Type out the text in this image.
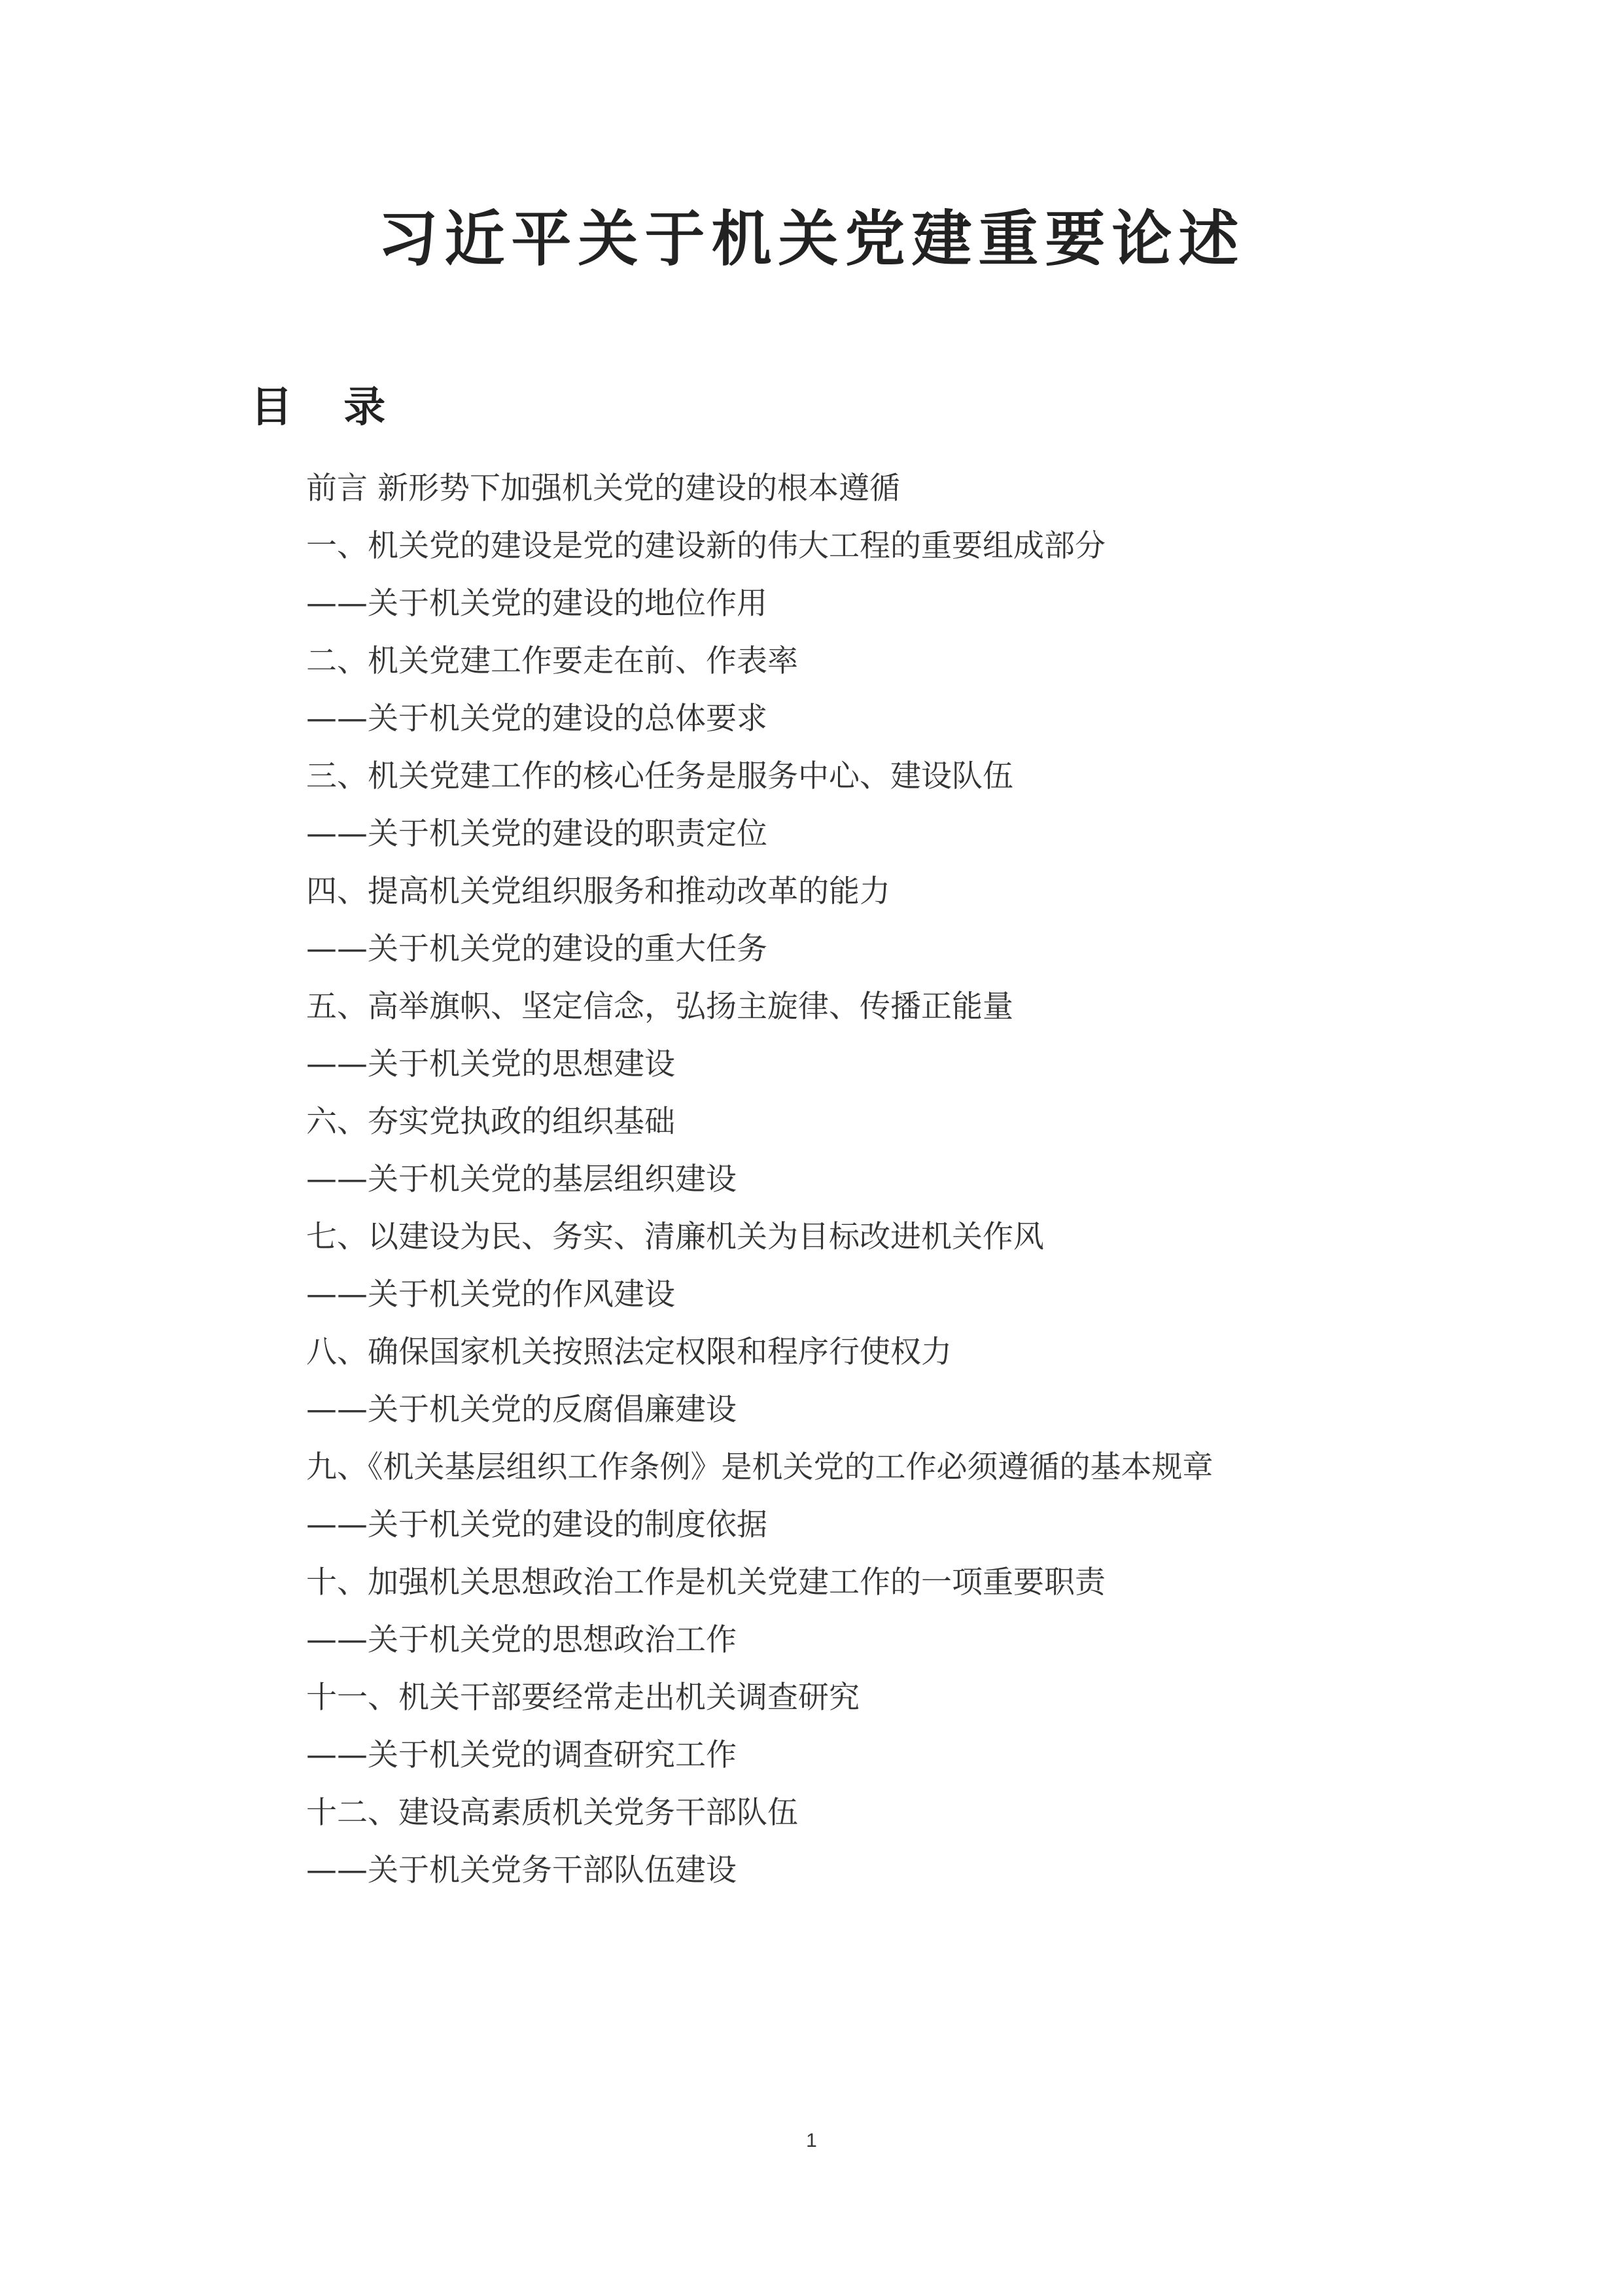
习近平关于机关党建重要论述
目 录
前言 新形势下加强机关党的建设的根本遵循
一、机关党的建设是党的建设新的伟大工程的重要组成部分
——关于机关党的建设的地位作用
二、机关党建工作要走在前、作表率
——关于机关党的建设的总体要求
三、机关党建工作的核心任务是服务中心、建设队伍
——关于机关党的建设的职责定位
四、提高机关党组织服务和推动改革的能力
——关于机关党的建设的重大任务
五、高举旗帜、坚定信念，弘扬主旋律、传播正能量
——关于机关党的思想建设
六、夯实党执政的组织基础
——关于机关党的基层组织建设
七、以建设为民、务实、清廉机关为目标改进机关作风
——关于机关党的作风建设
八、确保国家机关按照法定权限和程序行使权力
——关于机关党的反腐倡廉建设
九、《机关基层组织工作条例》是机关党的工作必须遵循的基本规章
——关于机关党的建设的制度依据
十、加强机关思想政治工作是机关党建工作的一项重要职责
——关于机关党的思想政治工作
十一、机关干部要经常走出机关调查研究
——关于机关党的调查研究工作
十二、建设高素质机关党务干部队伍
——关于机关党务干部队伍建设
1
